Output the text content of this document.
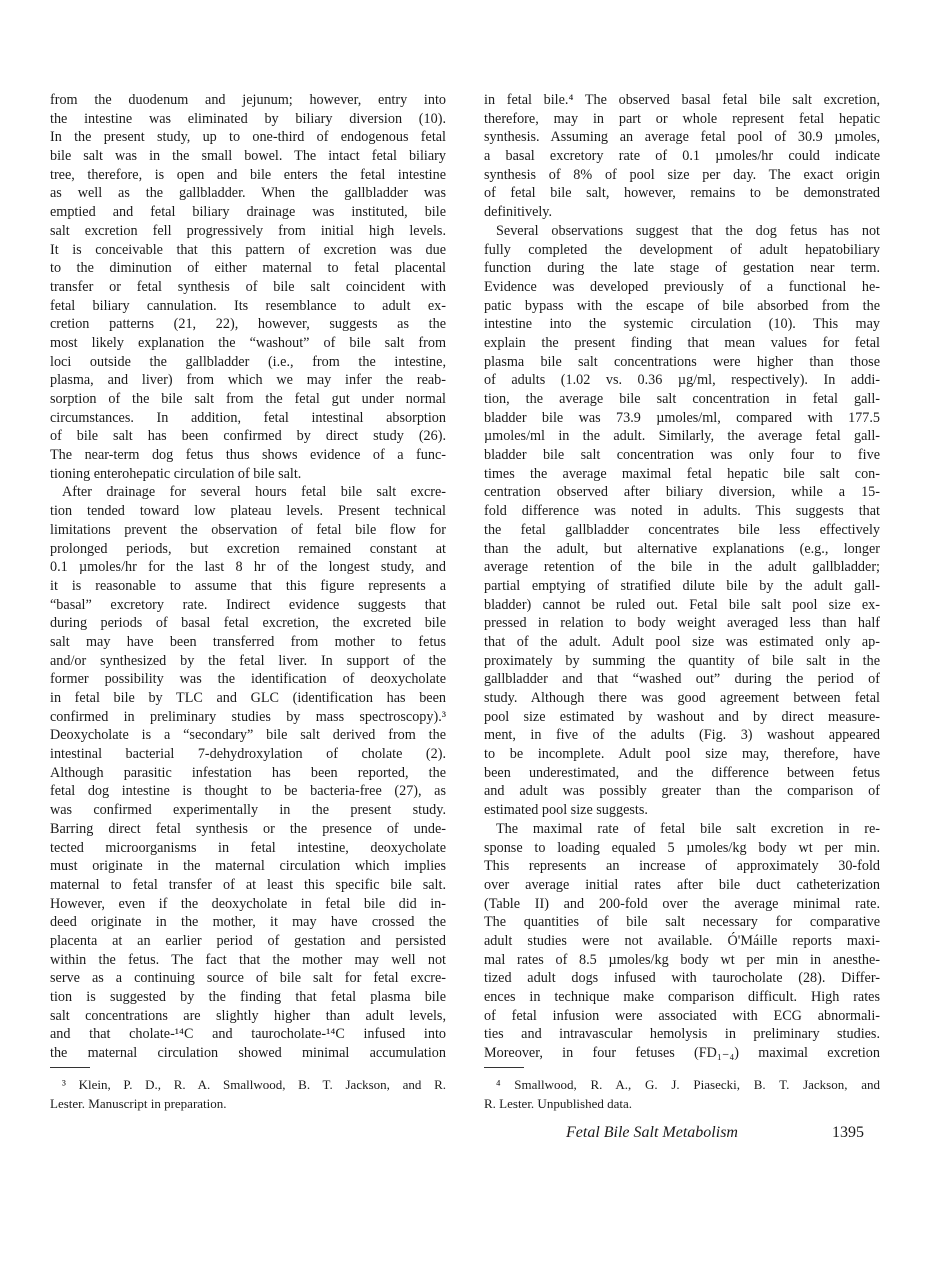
from the duodenum and jejunum; however, entry into
the intestine was eliminated by biliary diversion (10).
In the present study, up to one-third of endogenous fetal
bile salt was in the small bowel. The intact fetal biliary
tree, therefore, is open and bile enters the fetal intestine
as well as the gallbladder. When the gallbladder was
emptied and fetal biliary drainage was instituted, bile
salt excretion fell progressively from initial high levels.
It is conceivable that this pattern of excretion was due
to the diminution of either maternal to fetal placental
transfer or fetal synthesis of bile salt coincident with
fetal biliary cannulation. Its resemblance to adult ex-
cretion patterns (21, 22), however, suggests as the
most likely explanation the “washout” of bile salt from
loci outside the gallbladder (i.e., from the intestine,
plasma, and liver) from which we may infer the reab-
sorption of the bile salt from the fetal gut under normal
circumstances. In addition, fetal intestinal absorption
of bile salt has been confirmed by direct study (26).
The near-term dog fetus thus shows evidence of a func-
tioning enterohepatic circulation of bile salt.
After drainage for several hours fetal bile salt excre-
tion tended toward low plateau levels. Present technical
limitations prevent the observation of fetal bile flow for
prolonged periods, but excretion remained constant at
0.1 µmoles/hr for the last 8 hr of the longest study, and
it is reasonable to assume that this figure represents a
“basal” excretory rate. Indirect evidence suggests that
during periods of basal fetal excretion, the excreted bile
salt may have been transferred from mother to fetus
and/or synthesized by the fetal liver. In support of the
former possibility was the identification of deoxycholate
in fetal bile by TLC and GLC (identification has been
confirmed in preliminary studies by mass spectroscopy).³
Deoxycholate is a “secondary” bile salt derived from the
intestinal bacterial 7-dehydroxylation of cholate (2).
Although parasitic infestation has been reported, the
fetal dog intestine is thought to be bacteria-free (27), as
was confirmed experimentally in the present study.
Barring direct fetal synthesis or the presence of unde-
tected microorganisms in fetal intestine, deoxycholate
must originate in the maternal circulation which implies
maternal to fetal transfer of at least this specific bile salt.
However, even if the deoxycholate in fetal bile did in-
deed originate in the mother, it may have crossed the
placenta at an earlier period of gestation and persisted
within the fetus. The fact that the mother may well not
serve as a continuing source of bile salt for fetal excre-
tion is suggested by the finding that fetal plasma bile
salt concentrations are slightly higher than adult levels,
and that cholate-¹⁴C and taurocholate-¹⁴C infused into
the maternal circulation showed minimal accumulation
in fetal bile.⁴ The observed basal fetal bile salt excretion,
therefore, may in part or whole represent fetal hepatic
synthesis. Assuming an average fetal pool of 30.9 µmoles,
a basal excretory rate of 0.1 µmoles/hr could indicate
synthesis of 8% of pool size per day. The exact origin
of fetal bile salt, however, remains to be demonstrated
definitively.
Several observations suggest that the dog fetus has not
fully completed the development of adult hepatobiliary
function during the late stage of gestation near term.
Evidence was developed previously of a functional he-
patic bypass with the escape of bile absorbed from the
intestine into the systemic circulation (10). This may
explain the present finding that mean values for fetal
plasma bile salt concentrations were higher than those
of adults (1.02 vs. 0.36 µg/ml, respectively). In addi-
tion, the average bile salt concentration in fetal gall-
bladder bile was 73.9 µmoles/ml, compared with 177.5
µmoles/ml in the adult. Similarly, the average fetal gall-
bladder bile salt concentration was only four to five
times the average maximal fetal hepatic bile salt con-
centration observed after biliary diversion, while a 15-
fold difference was noted in adults. This suggests that
the fetal gallbladder concentrates bile less effectively
than the adult, but alternative explanations (e.g., longer
average retention of the bile in the adult gallbladder;
partial emptying of stratified dilute bile by the adult gall-
bladder) cannot be ruled out. Fetal bile salt pool size ex-
pressed in relation to body weight averaged less than half
that of the adult. Adult pool size was estimated only ap-
proximately by summing the quantity of bile salt in the
gallbladder and that “washed out” during the period of
study. Although there was good agreement between fetal
pool size estimated by washout and by direct measure-
ment, in five of the adults (Fig. 3) washout appeared
to be incomplete. Adult pool size may, therefore, have
been underestimated, and the difference between fetus
and adult was possibly greater than the comparison of
estimated pool size suggests.
The maximal rate of fetal bile salt excretion in re-
sponse to loading equaled 5 µmoles/kg body wt per min.
This represents an increase of approximately 30-fold
over average initial rates after bile duct catheterization
(Table II) and 200-fold over the average minimal rate.
The quantities of bile salt necessary for comparative
adult studies were not available. Ó'Máille reports maxi-
mal rates of 8.5 µmoles/kg body wt per min in anesthe-
tized adult dogs infused with taurocholate (28). Differ-
ences in technique make comparison difficult. High rates
of fetal infusion were associated with ECG abnormali-
ties and intravascular hemolysis in preliminary studies.
Moreover, in four fetuses (FD₁₋₄) maximal excretion
³ Klein, P. D., R. A. Smallwood, B. T. Jackson, and R.
Lester. Manuscript in preparation.
⁴ Smallwood, R. A., G. J. Piasecki, B. T. Jackson, and
R. Lester. Unpublished data.
Fetal Bile Salt Metabolism	1395
